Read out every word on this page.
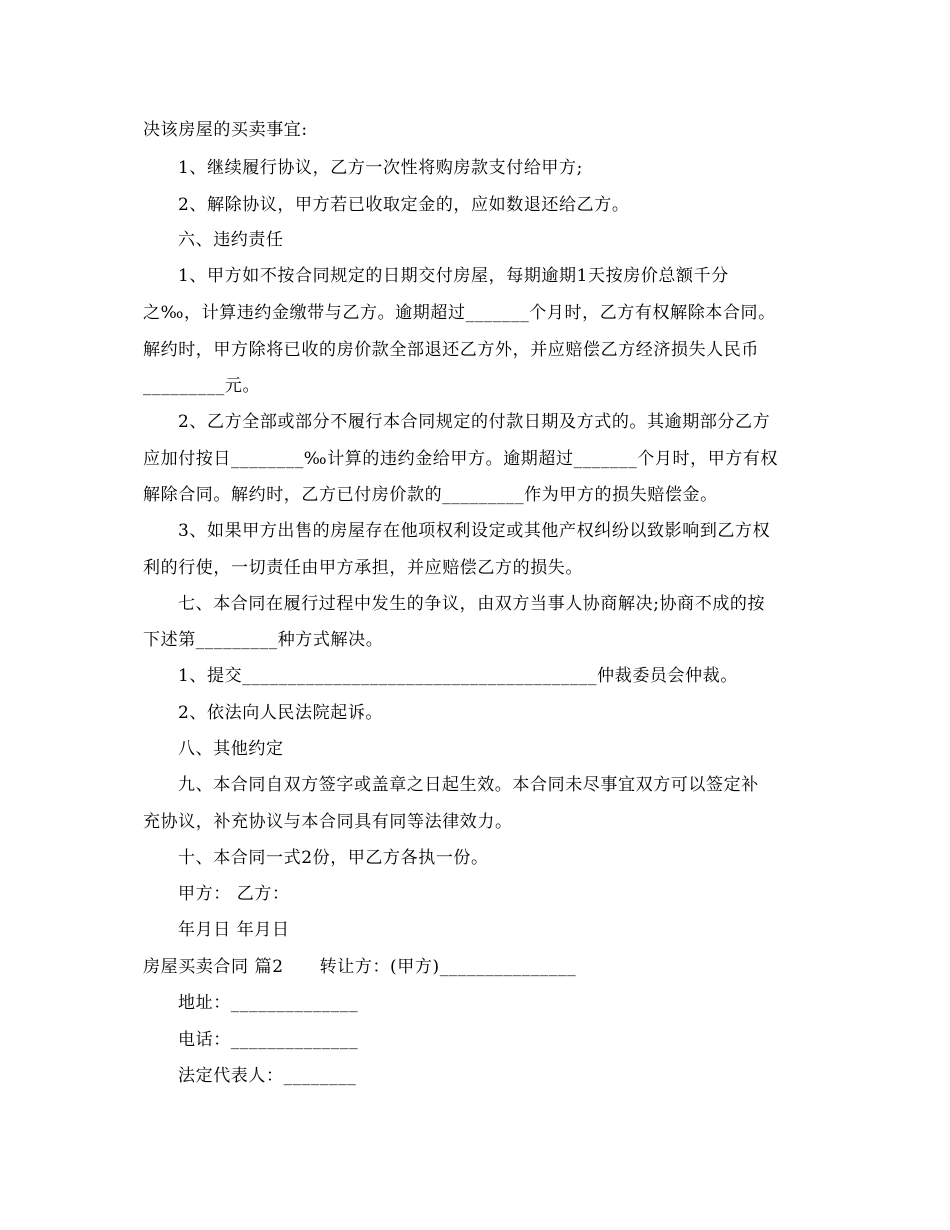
决该房屋的买卖事宜:
1、继续履行协议，乙方一次性将购房款支付给甲方;
2、解除协议，甲方若已收取定金的，应如数退还给乙方。
六、违约责任
1、甲方如不按合同规定的日期交付房屋，每期逾期1天按房价总额千分
之‰，计算违约金缴带与乙方。逾期超过_______个月时，乙方有权解除本合同。
解约时，甲方除将已收的房价款全部退还乙方外，并应赔偿乙方经济损失人民币
_________元。
2、乙方全部或部分不履行本合同规定的付款日期及方式的。其逾期部分乙方
应加付按日________‰计算的违约金给甲方。逾期超过_______个月时，甲方有权
解除合同。解约时，乙方已付房价款的_________作为甲方的损失赔偿金。
3、如果甲方出售的房屋存在他项权利设定或其他产权纠纷以致影响到乙方权
利的行使，一切责任由甲方承担，并应赔偿乙方的损失。
七、本合同在履行过程中发生的争议，由双方当事人协商解决;协商不成的按
下述第_________种方式解决。
1、提交_______________________________________仲裁委员会仲裁。
2、依法向人民法院起诉。
八、其他约定
九、本合同自双方签字或盖章之日起生效。本合同未尽事宜双方可以签定补
充协议，补充协议与本合同具有同等法律效力。
十、本合同一式2份，甲乙方各执一份。
甲方： 乙方：
年月日 年月日
房屋买卖合同 篇2      转让方：(甲方)_______________
地址：______________
电话：______________
法定代表人：________
